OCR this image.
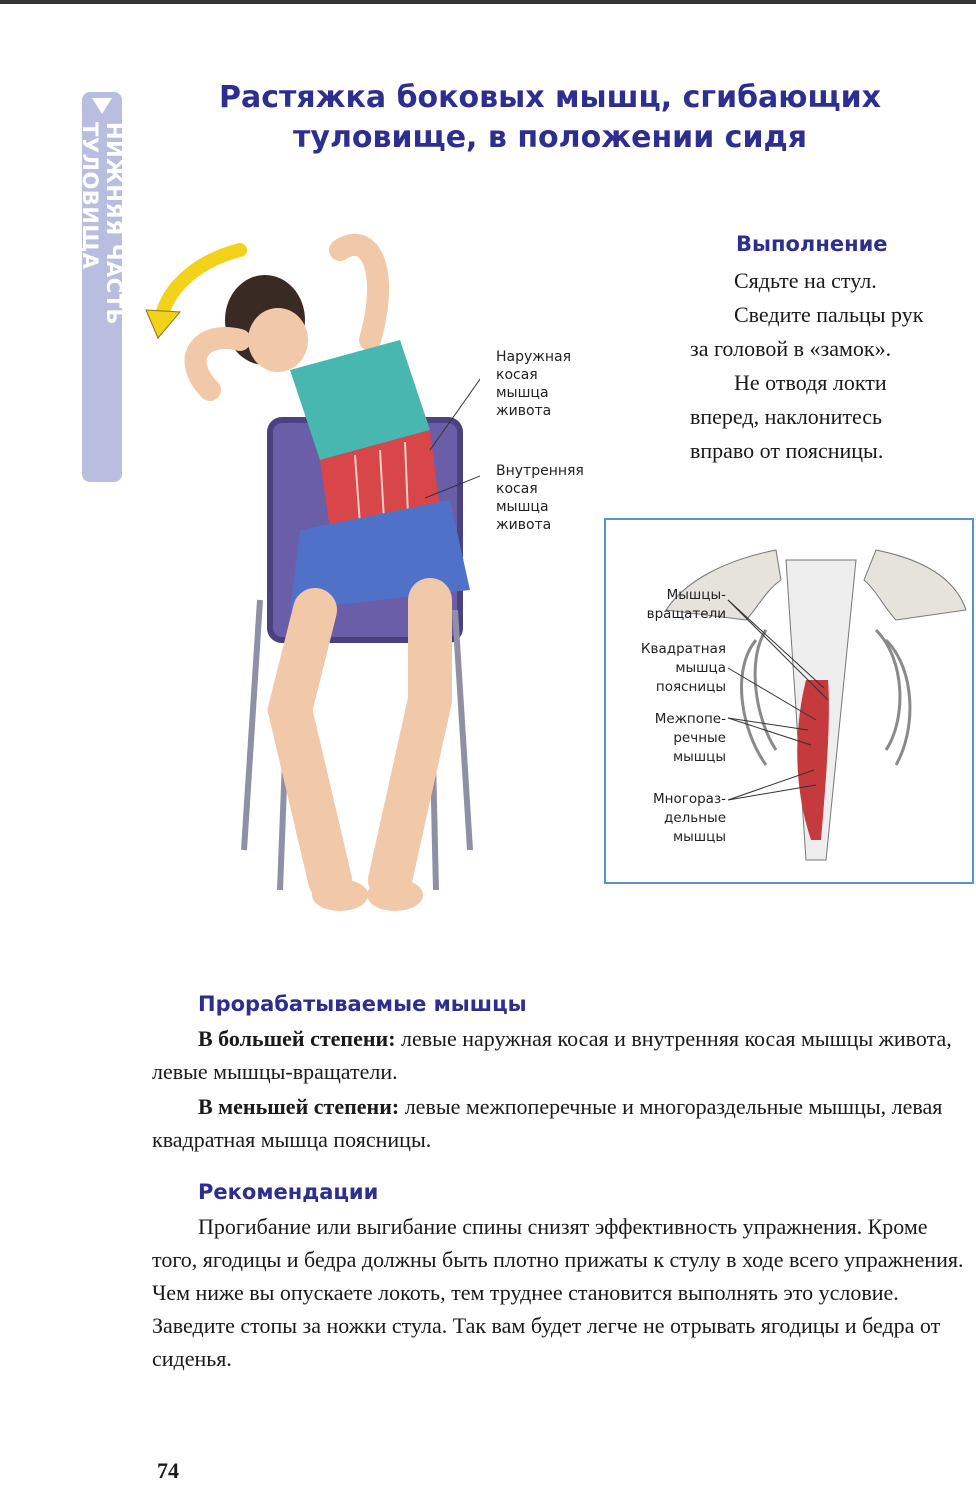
НИЖНЯЯ ЧАСТЬ ТУЛОВИЩА
Растяжка боковых мышц, сгибающих
туловище, в положении сидя
Выполнение

Сядьте на стул.

Сведите пальцы рук

за головой в «замок».

Не отводя локти

вперед, наклонитесь

вправо от поясницы.

Наружная
косая
мышца
живота
Внутренняя
косая
мышца
живота
Мышцы-
вращатели
Квадратная
мышца
поясницы
Межпопе-
речные
мышцы
Многораз-
дельные
мышцы
Прорабатываемые мышцы

В большей степени: левые наружная косая и внутренняя косая мышцы живота, левые мышцы-вращатели.

В меньшей степени: левые межпоперечные и многораздельные мышцы, левая квадратная мышца поясницы.

Рекомендации

Прогибание или выгибание спины снизят эффективность упражнения. Кроме того, ягодицы и бедра должны быть плотно прижаты к стулу в ходе всего упражнения. Чем ниже вы опускаете локоть, тем труднее становится выполнять это условие. Заведите стопы за ножки стула. Так вам будет легче не отрывать ягодицы и бедра от сиденья.

74
